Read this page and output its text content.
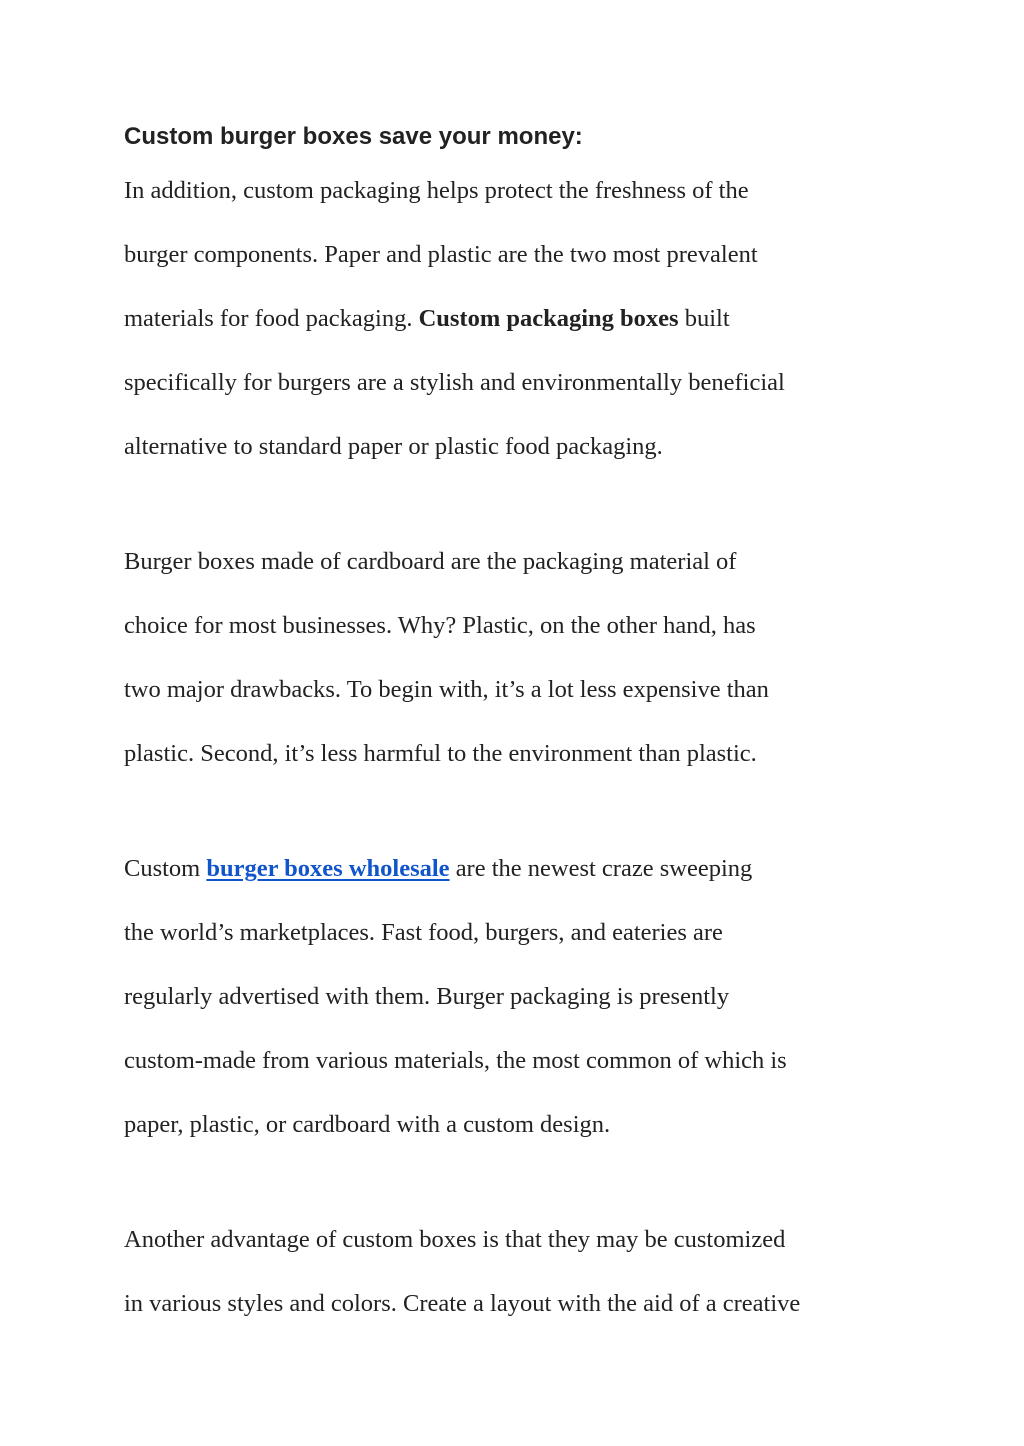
Custom burger boxes save your money:

In addition, custom packaging helps protect the freshness of the

burger components. Paper and plastic are the two most prevalent

materials for food packaging. Custom packaging boxes built

specifically for burgers are a stylish and environmentally beneficial

alternative to standard paper or plastic food packaging.

Burger boxes made of cardboard are the packaging material of

choice for most businesses. Why? Plastic, on the other hand, has

two major drawbacks. To begin with, it’s a lot less expensive than

plastic. Second, it’s less harmful to the environment than plastic.

Custom burger boxes wholesale are the newest craze sweeping

the world’s marketplaces. Fast food, burgers, and eateries are

regularly advertised with them. Burger packaging is presently

custom-made from various materials, the most common of which is

paper, plastic, or cardboard with a custom design.

Another advantage of custom boxes is that they may be customized

in various styles and colors. Create a layout with the aid of a creative
